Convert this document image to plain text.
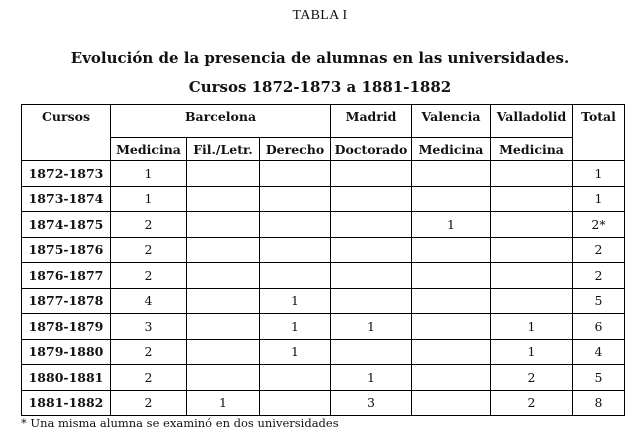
TABLA I

Evolución de la presencia de alumnas en las universidades.

Cursos 1872-1873 a 1881-1882

Cursos	Barcelona			Madrid	Valencia	Valladolid	Total
	Medicina	Fil./Letr.	Derecho	Doctorado	Medicina	Medicina	
1872-1873	1						1
1873-1874	1						1
1874-1875	2				1		2*
1875-1876	2						2
1876-1877	2						2
1877-1878	4		1				5
1878-1879	3		1	1		1	6
1879-1880	2		1			1	4
1880-1881	2			1		2	5
1881-1882	2	1		3		2	8

* Una misma alumna se examinó en dos universidades
